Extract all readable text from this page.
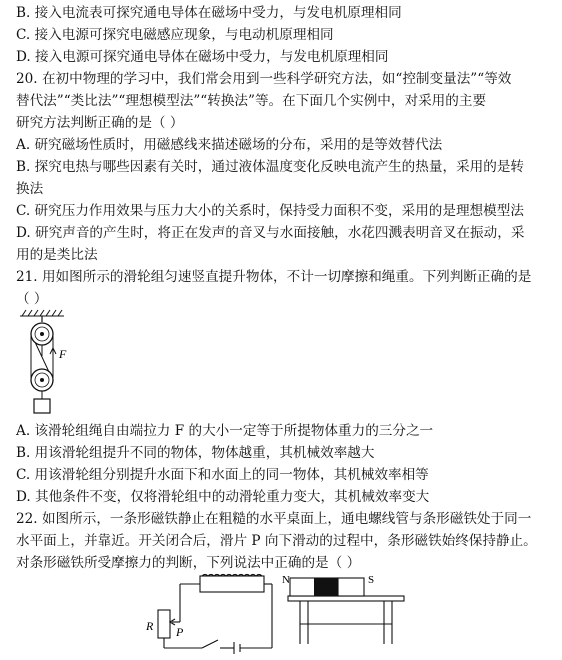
B. 接入电流表可探究通电导体在磁场中受力，与发电机原理相同
C. 接入电源可探究电磁感应现象，与电动机原理相同
D. 接入电源可探究通电导体在磁场中受力，与发电机原理相同
20. 在初中物理的学习中，我们常会用到一些科学研究方法，如“控制变量法”“等效
替代法”“类比法”“理想模型法”“转换法”等。在下面几个实例中，对采用的主要
研究方法判断正确的是（ ）
A. 研究磁场性质时，用磁感线来描述磁场的分布，采用的是等效替代法
B. 探究电热与哪些因素有关时，通过液体温度变化反映电流产生的热量，采用的是转
换法
C. 研究压力作用效果与压力大小的关系时，保持受力面积不变，采用的是理想模型法
D. 研究声音的产生时，将正在发声的音叉与水面接触，水花四溅表明音叉在振动，采
用的是类比法
21. 用如图所示的滑轮组匀速竖直提升物体，不计一切摩擦和绳重。下列判断正确的是
（ ）
F
A. 该滑轮组绳自由端拉力 F 的大小一定等于所提物体重力的三分之一
B. 用该滑轮组提升不同的物体，物体越重，其机械效率越大
C. 用该滑轮组分别提升水面下和水面上的同一物体，其机械效率相等
D. 其他条件不变，仅将滑轮组中的动滑轮重力变大，其机械效率变大
22. 如图所示，一条形磁铁静止在粗糙的水平桌面上，通电螺线管与条形磁铁处于同一
水平面上，并靠近。开关闭合后，滑片 P 向下滑动的过程中，条形磁铁始终保持静止。
对条形磁铁所受摩擦力的判断，下列说法中正确的是（ ）
R P
N	S
